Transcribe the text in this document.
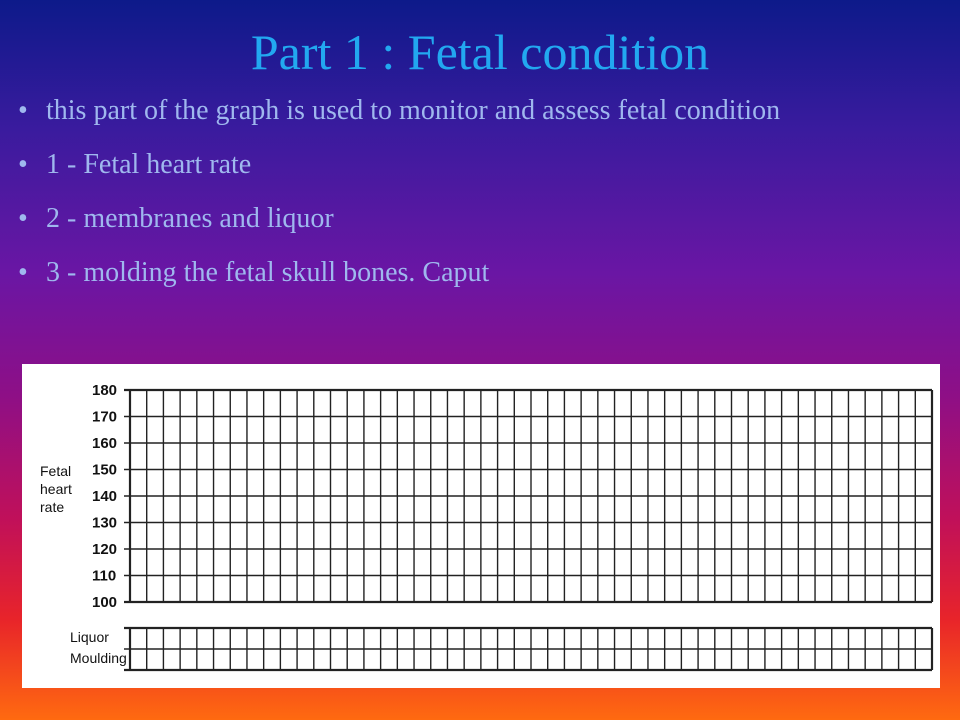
Part 1 : Fetal condition
• this part of the graph is used to monitor and assess fetal condition
• 1 - Fetal heart rate
• 2 - membranes and liquor
• 3 - molding the fetal skull bones. Caput
180
170
160
150
140
130
120
110
100
Fetal
heart
rate
Liquor
Moulding
